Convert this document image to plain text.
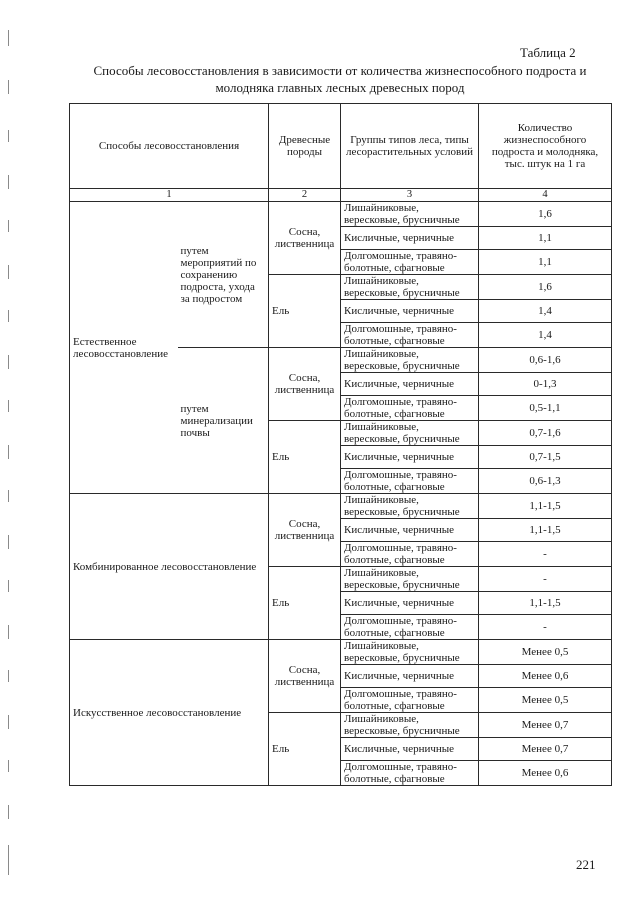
Таблица 2
Способы лесовосстановления в зависимости от количества жизнеспособного подроста и молодняка главных лесных древесных пород
Способы лесовосстановления		Древесные породы	Группы типов леса, типы лесорастительных условий	Количество жизнеспособного подроста и молодняка, тыс. штук на 1 га
1		2	3	4
Естественное лесовосстановление	путем мероприятий по сохранению подроста, ухода за подростом	Сосна, лиственница	Лишайниковые, вересковые, брусничные	1,6
			Кисличные, черничные	1,1
			Долгомошные, травяно-болотные, сфагновые	1,1
		Ель	Лишайниковые, вересковые, брусничные	1,6
			Кисличные, черничные	1,4
			Долгомошные, травяно-болотные, сфагновые	1,4
	путем минерализации почвы	Сосна, лиственница	Лишайниковые, вересковые, брусничные	0,6-1,6
			Кисличные, черничные	0-1,3
			Долгомошные, травяно-болотные, сфагновые	0,5-1,1
		Ель	Лишайниковые, вересковые, брусничные	0,7-1,6
			Кисличные, черничные	0,7-1,5
			Долгомошные, травяно-болотные, сфагновые	0,6-1,3
Комбинированное лесовосстановление		Сосна, лиственница	Лишайниковые, вересковые, брусничные	1,1-1,5
			Кисличные, черничные	1,1-1,5
			Долгомошные, травяно-болотные, сфагновые	-
		Ель	Лишайниковые, вересковые, брусничные	-
			Кисличные, черничные	1,1-1,5
			Долгомошные, травяно-болотные, сфагновые	-
Искусственное лесовосстановление		Сосна, лиственница	Лишайниковые, вересковые, брусничные	Менее 0,5
			Кисличные, черничные	Менее 0,6
			Долгомошные, травяно-болотные, сфагновые	Менее 0,5
		Ель	Лишайниковые, вересковые, брусничные	Менее 0,7
			Кисличные, черничные	Менее 0,7
			Долгомошные, травяно-болотные, сфагновые	Менее 0,6
221
